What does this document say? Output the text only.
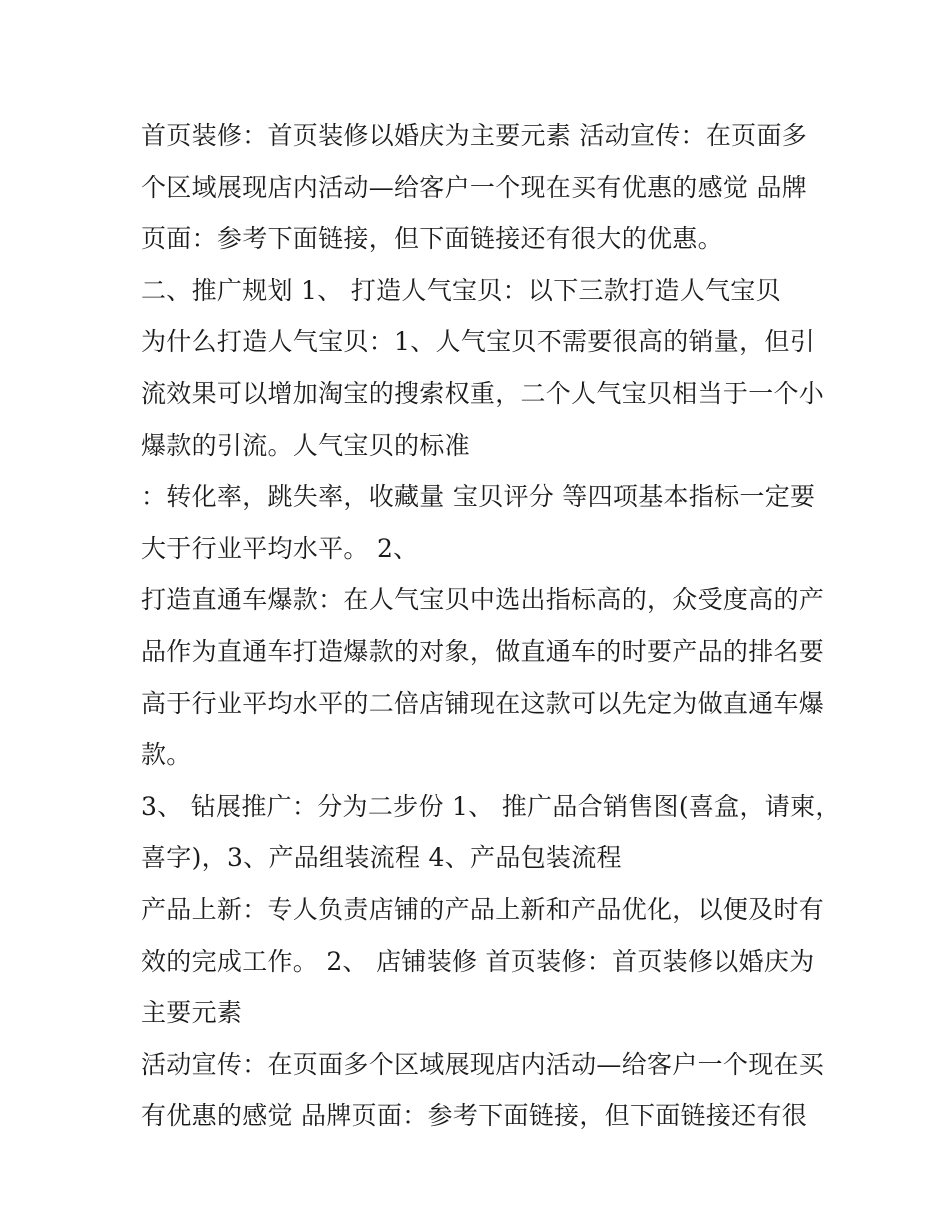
首页装修：首页装修以婚庆为主要元素 活动宣传：在页面多
个区域展现店内活动—给客户一个现在买有优惠的感觉 品牌
页面：参考下面链接，但下面链接还有很大的优惠。
二、推广规划 1、 打造人气宝贝：以下三款打造人气宝贝
为什么打造人气宝贝：1、人气宝贝不需要很高的销量，但引
流效果可以增加淘宝的搜索权重，二个人气宝贝相当于一个小
爆款的引流。人气宝贝的标准
：转化率，跳失率，收藏量 宝贝评分 等四项基本指标一定要
大于行业平均水平。 2、
打造直通车爆款：在人气宝贝中选出指标高的，众受度高的产
品作为直通车打造爆款的对象，做直通车的时要产品的排名要
高于行业平均水平的二倍店铺现在这款可以先定为做直通车爆
款。
3、 钻展推广：分为二步份 1、 推广品合销售图(喜盒，请柬，
喜字)，3、产品组装流程 4、产品包装流程
产品上新：专人负责店铺的产品上新和产品优化，以便及时有
效的完成工作。 2、 店铺装修 首页装修：首页装修以婚庆为
主要元素
活动宣传：在页面多个区域展现店内活动—给客户一个现在买
有优惠的感觉 品牌页面：参考下面链接，但下面链接还有很
